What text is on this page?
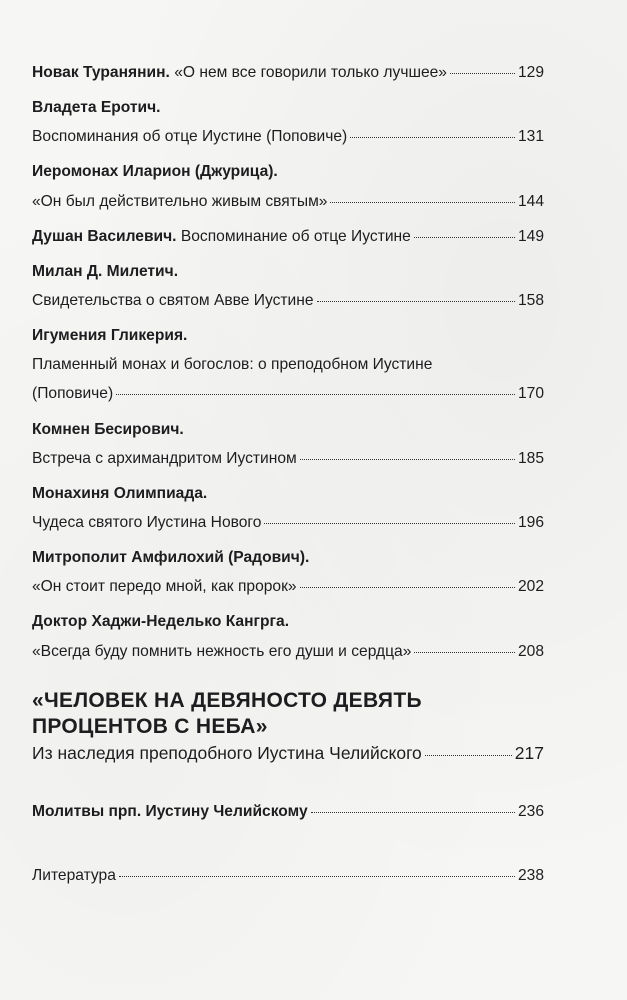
Новак Туранянин. «О нем все говорили только лучшее»	129
Владета Еротич.
Воспоминания об отце Иустине (Поповиче)	131
Иеромонах Иларион (Джурица).
«Он был действительно живым святым»	144
Душан Василевич. Воспоминание об отце Иустине	149
Милан Д. Милетич.
Свидетельства о святом Авве Иустине	158
Игумения Гликерия.
Пламенный монах и богослов: о преподобном Иустине
(Поповиче)	170
Комнен Бесирович.
Встреча с архимандритом Иустином	185
Монахиня Олимпиада.
Чудеса святого Иустина Нового	196
Митрополит Амфилохий (Радович).
«Он стоит передо мной, как пророк»	202
Доктор Хаджи-Неделько Кангрга.
«Всегда буду помнить нежность его души и сердца»	208
«ЧЕЛОВЕК НА ДЕВЯНОСТО ДЕВЯТЬ
ПРОЦЕНТОВ С НЕБА»
Из наследия преподобного Иустина Челийского	217
Молитвы прп. Иустину Челийскому	236
Литература	238
